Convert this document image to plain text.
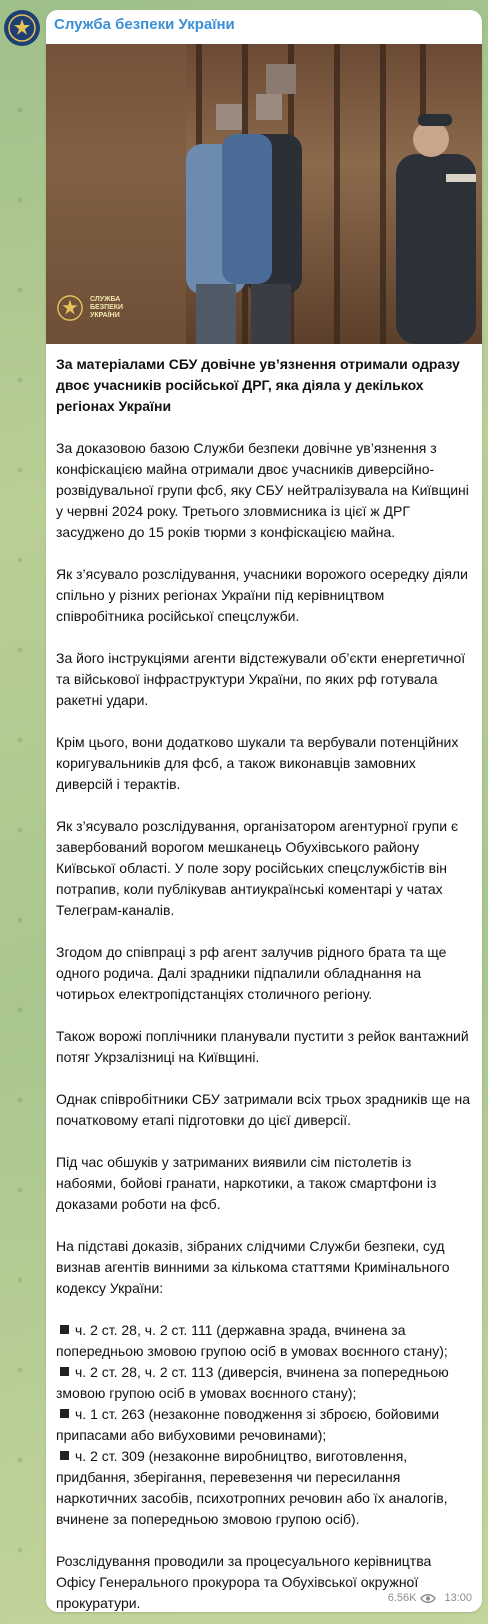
Служба безпеки України
СЛУЖБА БЕЗПЕКИ УКРАЇНИ

За матеріалами СБУ довічне ув’язнення отримали одразу двоє учасників російської ДРГ, яка діяла у декількох регіонах України

За доказовою базою Служби безпеки довічне ув’язнення з конфіскацією майна отримали двоє учасників диверсійно-розвідувальної групи фсб, яку СБУ нейтралізувала на Київщині у червні 2024 року. Третього зловмисника із цієї ж ДРГ засуджено до 15 років тюрми з конфіскацією майна.

Як з’ясувало розслідування, учасники ворожого осередку діяли спільно у різних регіонах України під керівництвом співробітника російської спецслужби.

За його інструкціями агенти відстежували об’єкти енергетичної та військової інфраструктури України, по яких рф готувала ракетні удари.

Крім цього, вони додатково шукали та вербували потенційних коригувальників для фсб, а також виконавців замовних диверсій і терактів.

Як з’ясувало розслідування, організатором агентурної групи є завербований ворогом мешканець Обухівського району Київської області. У поле зору російських спецслужбістів він потрапив, коли публікував антиукраїнські коментарі у чатах Телеграм-каналів.

Згодом до співпраці з рф агент залучив рідного брата та ще одного родича. Далі зрадники підпалили обладнання на чотирьох електропідстанціях столичного регіону.

Також ворожі поплічники планували пустити з рейок вантажний потяг Укрзалізниці на Київщині.

Однак співробітники СБУ затримали всіх трьох зрадників ще на початковому етапі підготовки до цієї диверсії.

Під час обшуків у затриманих виявили сім пістолетів із набоями, бойові гранати, наркотики, а також смартфони із доказами роботи на фсб.

На підставі доказів, зібраних слідчими Служби безпеки, суд визнав агентів винними за кількома статтями Кримінального кодексу України:

ч. 2 ст. 28, ч. 2 ст. 111 (державна зрада, вчинена за попередньою змовою групою осіб в умовах воєнного стану);
ч. 2 ст. 28, ч. 2 ст. 113 (диверсія, вчинена за попередньою змовою групою осіб в умовах воєнного стану);
ч. 1 ст. 263 (незаконне поводження зі зброєю, бойовими припасами або вибуховими речовинами);
ч. 2 ст. 309 (незаконне виробництво, виготовлення, придбання, зберігання, перевезення чи пересилання наркотичних засобів, психотропних речовин або їх аналогів, вчинене за попередньою змовою групою осіб).

Розслідування проводили за процесуального керівництва Офісу Генерального прокурора та Обухівської окружної прокуратури.	6.56K	13:00
